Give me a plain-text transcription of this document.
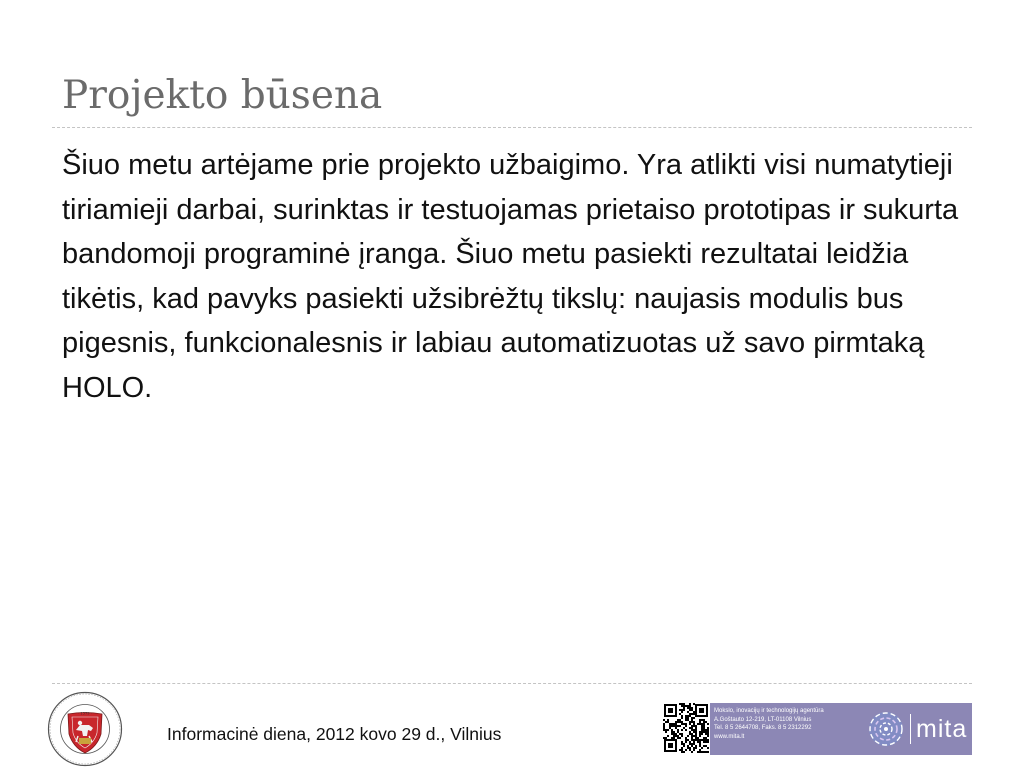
Projekto būsena

Šiuo metu artėjame prie projekto užbaigimo. Yra atlikti visi numatytieji tiriamieji darbai, surinktas ir testuojamas prietaiso prototipas ir sukurta bandomoji programinė įranga. Šiuo metu pasiekti rezultatai leidžia tikėtis, kad pavyks pasiekti užsibrėžtų tikslų: naujasis modulis bus pigesnis, funkcionalesnis ir labiau automatizuotas už savo pirmtaką HOLO.

· 1579 ·

Informacinė diena, 2012 kovo 29 d., Vilnius

Mokslo, inovacijų ir technologijų agentūra
A.Goštauto 12-219, LT-01108 Vilnius
Tel. 8 5 2644708, Faks. 8 5 2312292
www.mita.lt	mita
